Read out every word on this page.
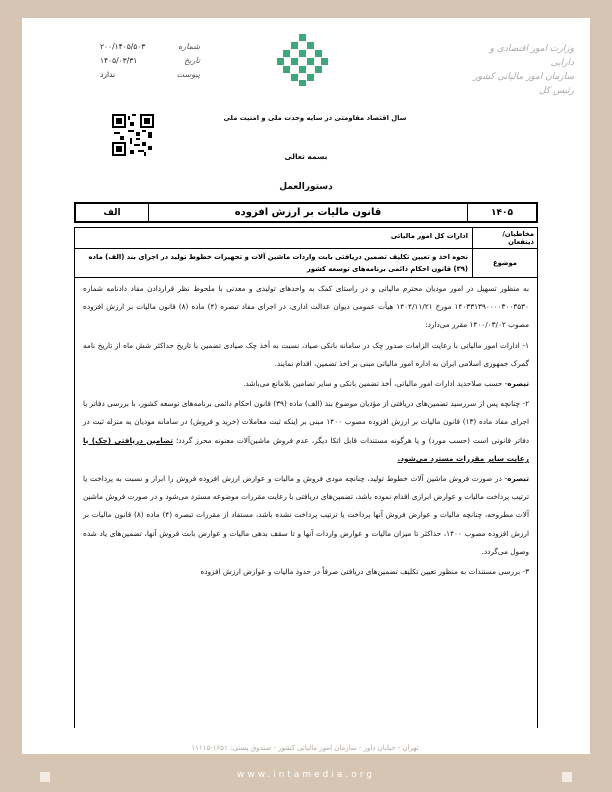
شماره
۲۰۰/۱۴۰۵/۵۰۳
تاریخ
۱۴۰۵/۰۳/۳۱
پیوست
ندارد
وزارت امور اقتصادی و دارایی
سازمان امور مالیاتی کشور
رئیس کل
سال اقتصاد مقاومتی در سایه وحدت ملی و امنیت ملی
بسمه تعالی
دستورالعمل
۱۴۰۵
قانون مالیات بر ارزش افزوده
الف
مخاطبان/ ذینفعان
ادارات کل امور مالیاتی
موضوع
نحوه اخذ و تعیین تکلیف تضمین دریافتی بابت واردات ماشین آلات و تجهیزات خطوط تولید در اجرای بند (الف) ماده (۳۹) قانون احکام دائمی برنامه‌های توسعه کشور

به منظور تسهیل در امور مودیان محترم مالیاتی و در راستای کمک به واحدهای تولیدی و معدنی با ملحوظ نظر قراردادن مفاد دادنامه شماره ۱۴۰۳۳۱۳۹۰۰۰۰۳۰۰۳۵۳۰ مورخ ۱۴۰۴/۱۱/۲۱ هیأت عمومی دیوان عدالت اداری، در اجرای مفاد تبصره (۴) ماده (۸) قانون مالیات بر ارزش افزوده مصوب ۱۴۰۰/۰۳/۰۲ مقرر می‌دارد:

۱- ادارات امور مالیاتی با رعایت الزامات صدور چک در سامانه بانکی صیاد، نسبت به أخذ چک صیادی تضمین با تاریخ حداکثر شش ماه از تاریخ نامه گمرک جمهوری اسلامی ایران به اداره امور مالیاتی مبنی بر اخذ تضمین، اقدام نمایند.

تبصره- حسب صلاحدید ادارات امور مالیاتی، أخذ تضمین بانکی و سایر تضامین بلامانع می‌باشد.

۲- چنانچه پس از سررسید تضمین‌های دریافتی از مؤدیان موضوع بند (الف) ماده (۳۹) قانون احکام دائمی برنامه‌های توسعه کشور، با بررسی دفاتر یا اجرای مفاد ماده (۱۳) قانون مالیات بر ارزش افزوده مصوب ۱۴۰۰ مبنی بر اینکه ثبت معاملات (خرید و فروش) در سامانه مودیان به منزله ثبت در دفاتر قانونی است (حسب مورد) و یا هرگونه مستندات قابل اتکا دیگر، عدم فروش ماشین‌آلات معنونه محرز گردد؛ تضامین دریافتی (چک) با رعایت سایر مقررات مسترد می‌شود.

تبصره- در صورت فروش ماشین آلات خطوط تولید، چنانچه مودی فروش و مالیات و عوارض ارزش افزوده فروش را ابراز و نسبت به پرداخت یا ترتیب پرداخت مالیات و عوارض ابرازی اقدام نموده باشد، تضمین‌های دریافتی با رعایت مقررات موضوعه مسترد می‌شود و در صورت فروش ماشین آلات مطروحه، چنانچه مالیات و عوارض فروش آنها پرداخت یا ترتیب پرداخت نشده باشد، مستفاد از مقررات تبصره (۴) ماده (۸) قانون مالیات بر ارزش افزوده مصوب ۱۴۰۰، حداکثر تا میزان مالیات و عوارض واردات آنها و تا سقف بدهی مالیات و عوارض بابت فروش آنها، تضمین‌های یاد شده وصول می‌گردد.

۳- بررسی مستندات به منظور تعیین تکلیف تضمین‌های دریافتی صرفاً در حدود مالیات و عوارض ارزش افزوده

تهران - خیابان داور - سازمان امور مالیاتی کشور - صندوق پستی: ۱۶۵۱-۱۱۱۱۵
www.intamedia.org
